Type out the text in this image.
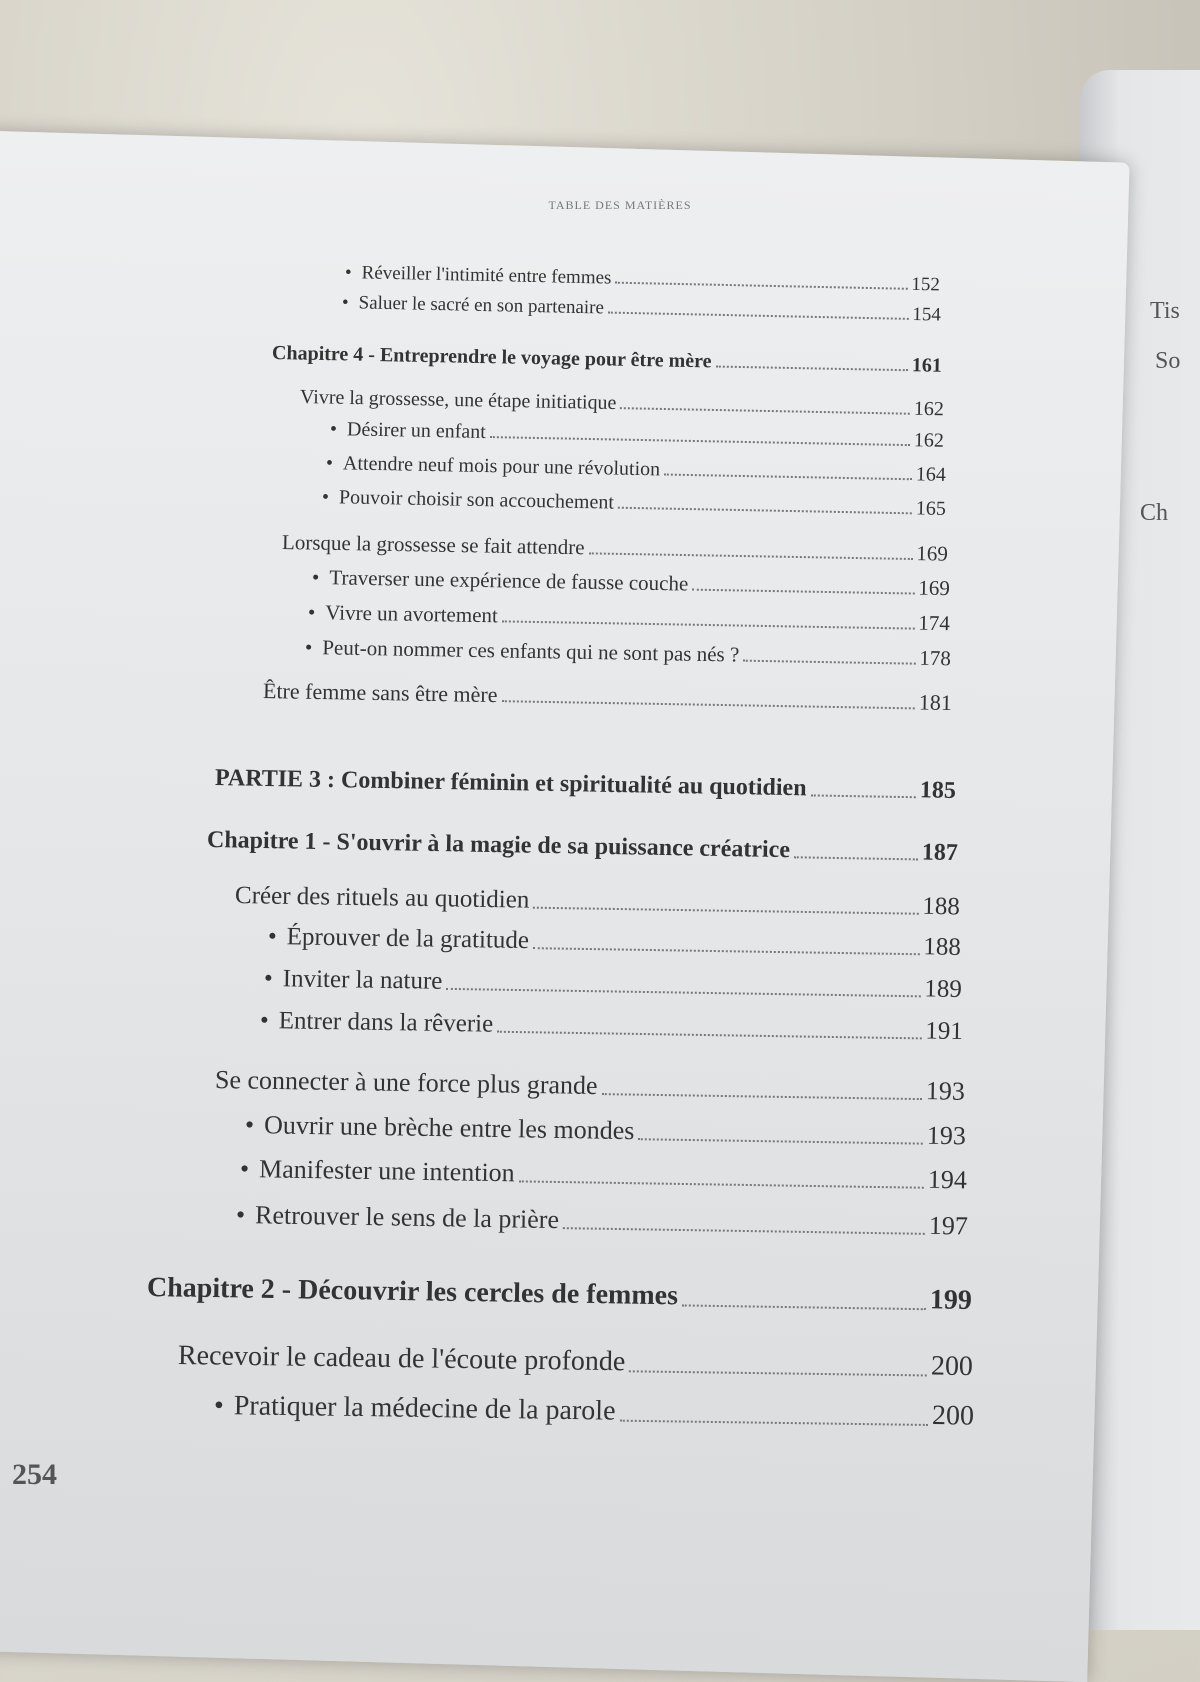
Tis
So
Ch
TABLE DES MATIÈRES
• Réveiller l'intimité entre femmes	152
• Saluer le sacré en son partenaire	154
Chapitre 4 - Entreprendre le voyage pour être mère	161
Vivre la grossesse, une étape initiatique	162
• Désirer un enfant	162
• Attendre neuf mois pour une révolution	164
• Pouvoir choisir son accouchement	165
Lorsque la grossesse se fait attendre	169
• Traverser une expérience de fausse couche	169
• Vivre un avortement	174
• Peut-on nommer ces enfants qui ne sont pas nés ?	178
Être femme sans être mère	181
PARTIE 3 : Combiner féminin et spiritualité au quotidien	185
Chapitre 1 - S'ouvrir à la magie de sa puissance créatrice	187
Créer des rituels au quotidien	188
• Éprouver de la gratitude	188
• Inviter la nature	189
• Entrer dans la rêverie	191
Se connecter à une force plus grande	193
• Ouvrir une brèche entre les mondes	193
• Manifester une intention	194
• Retrouver le sens de la prière	197
Chapitre 2 - Découvrir les cercles de femmes	199
Recevoir le cadeau de l'écoute profonde	200
• Pratiquer la médecine de la parole	200
254
